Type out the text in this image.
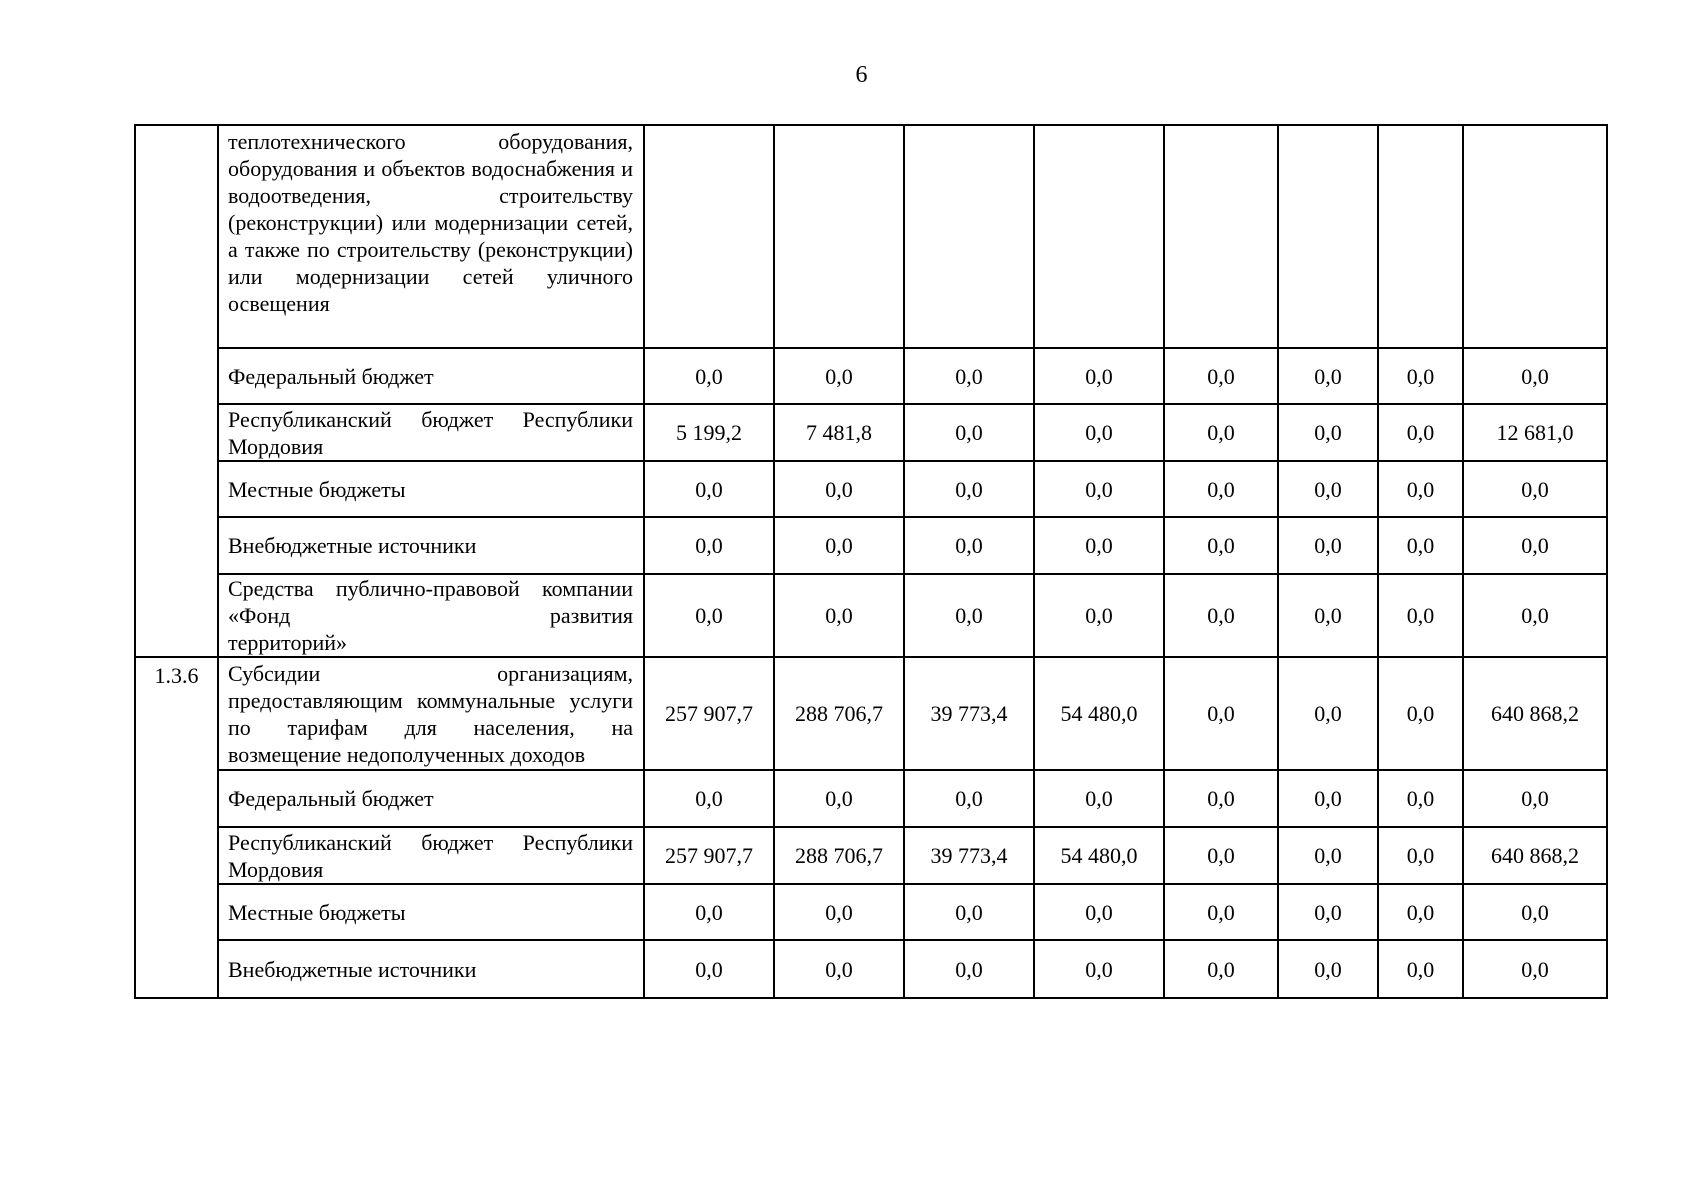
6
	теплотехнического оборудования, оборудования и объектов водоснабжения и водоотведения, строительству (реконструкции) или модернизации сетей, а также по строительству (реконструкции) или модернизации сетей уличного
освещения								

	Федеральный бюджет	0,0	0,0	0,0	0,0	0,0	0,0	0,0	0,0
	Республиканский бюджет Республики
Мордовия	5 199,2	7 481,8	0,0	0,0	0,0	0,0	0,0	12 681,0
	Местные бюджеты	0,0	0,0	0,0	0,0	0,0	0,0	0,0	0,0
	Внебюджетные источники	0,0	0,0	0,0	0,0	0,0	0,0	0,0	0,0
	Средства публично-правовой компании «Фонд развития
территорий»	0,0	0,0	0,0	0,0	0,0	0,0	0,0	0,0
1.3.6	Субсидии организациям, предоставляющим коммунальные услуги по тарифам для населения, на
возмещение недополученных доходов	257 907,7	288 706,7	39 773,4	54 480,0	0,0	0,0	0,0	640 868,2
	Федеральный бюджет	0,0	0,0	0,0	0,0	0,0	0,0	0,0	0,0
	Республиканский бюджет Республики
Мордовия	257 907,7	288 706,7	39 773,4	54 480,0	0,0	0,0	0,0	640 868,2
	Местные бюджеты	0,0	0,0	0,0	0,0	0,0	0,0	0,0	0,0
	Внебюджетные источники	0,0	0,0	0,0	0,0	0,0	0,0	0,0	0,0
